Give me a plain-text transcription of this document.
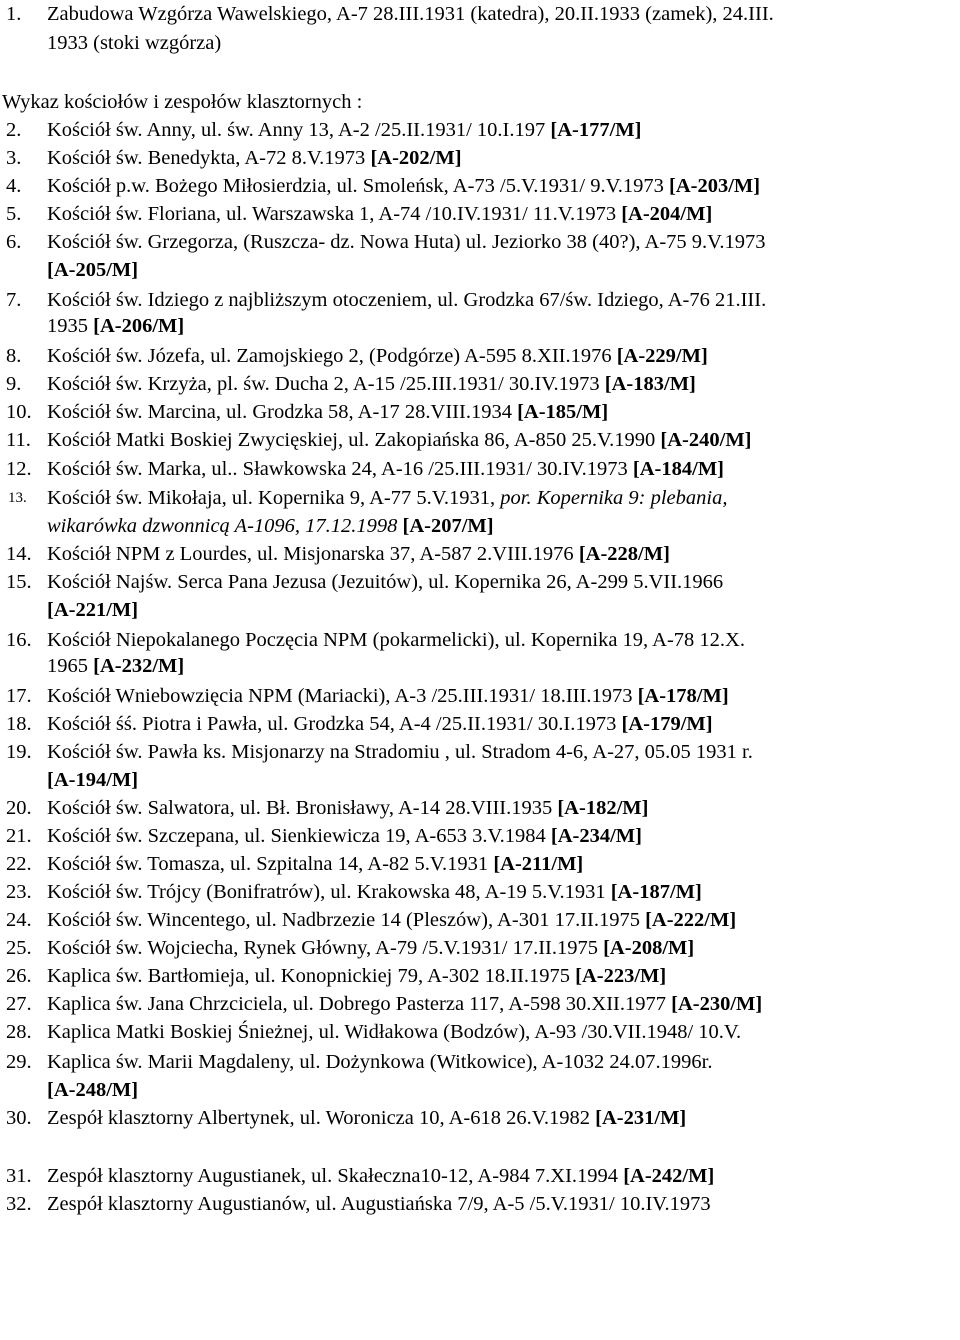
1. Zabudowa Wzgórza Wawelskiego, A-7 28.III.1931 (katedra), 20.II.1933 (zamek), 24.III.
1933 (stoki wzgórza)
Wykaz kościołów i zespołów klasztornych :
2. Kościół św. Anny, ul. św. Anny 13, A-2 /25.II.1931/ 10.I.197 [A-177/M]
3. Kościół św. Benedykta, A-72 8.V.1973 [A-202/M]
4. Kościół p.w. Bożego Miłosierdzia, ul. Smoleńsk, A-73 /5.V.1931/ 9.V.1973 [A-203/M]
5. Kościół św. Floriana, ul. Warszawska 1, A-74 /10.IV.1931/ 11.V.1973 [A-204/M]
6. Kościół św. Grzegorza, (Ruszcza- dz. Nowa Huta) ul. Jeziorko 38 (40?), A-75 9.V.1973
[A-205/M]
7. Kościół św. Idziego z najbliższym otoczeniem, ul. Grodzka 67/św. Idziego, A-76 21.III.
1935 [A-206/M]
8. Kościół św. Józefa, ul. Zamojskiego 2, (Podgórze) A-595 8.XII.1976 [A-229/M]
9. Kościół św. Krzyża, pl. św. Ducha 2, A-15 /25.III.1931/ 30.IV.1973 [A-183/M]
10. Kościół św. Marcina, ul. Grodzka 58, A-17 28.VIII.1934 [A-185/M]
11. Kościół Matki Boskiej Zwycięskiej, ul. Zakopiańska 86, A-850 25.V.1990 [A-240/M]
12. Kościół św. Marka, ul.. Sławkowska 24, A-16 /25.III.1931/ 30.IV.1973 [A-184/M]
13. Kościół św. Mikołaja, ul. Kopernika 9, A-77 5.V.1931, por. Kopernika 9: plebania,
wikarówka dzwonnicą A-1096, 17.12.1998 [A-207/M]
14. Kościół NPM z Lourdes, ul. Misjonarska 37, A-587 2.VIII.1976 [A-228/M]
15. Kościół Najśw. Serca Pana Jezusa (Jezuitów), ul. Kopernika 26, A-299 5.VII.1966
[A-221/M]
16. Kościół Niepokalanego Poczęcia NPM (pokarmelicki), ul. Kopernika 19, A-78 12.X.
1965 [A-232/M]
17. Kościół Wniebowzięcia NPM (Mariacki), A-3 /25.III.1931/ 18.III.1973 [A-178/M]
18. Kościół śś. Piotra i Pawła, ul. Grodzka 54, A-4 /25.II.1931/ 30.I.1973 [A-179/M]
19. Kościół św. Pawła ks. Misjonarzy na Stradomiu , ul. Stradom 4-6, A-27, 05.05 1931 r.
[A-194/M]
20. Kościół św. Salwatora, ul. Bł. Bronisławy, A-14 28.VIII.1935 [A-182/M]
21. Kościół św. Szczepana, ul. Sienkiewicza 19, A-653 3.V.1984 [A-234/M]
22. Kościół św. Tomasza, ul. Szpitalna 14, A-82 5.V.1931 [A-211/M]
23. Kościół św. Trójcy (Bonifratrów), ul. Krakowska 48, A-19 5.V.1931 [A-187/M]
24. Kościół św. Wincentego, ul. Nadbrzezie 14 (Pleszów), A-301 17.II.1975 [A-222/M]
25. Kościół św. Wojciecha, Rynek Główny, A-79 /5.V.1931/ 17.II.1975 [A-208/M]
26. Kaplica św. Bartłomieja, ul. Konopnickiej 79, A-302 18.II.1975 [A-223/M]
27. Kaplica św. Jana Chrzciciela, ul. Dobrego Pasterza 117, A-598 30.XII.1977 [A-230/M]
28. Kaplica Matki Boskiej Śnieżnej, ul. Widłakowa (Bodzów), A-93 /30.VII.1948/ 10.V.
29. Kaplica św. Marii Magdaleny, ul. Dożynkowa (Witkowice), A-1032 24.07.1996r.
[A-248/M]
30. Zespół klasztorny Albertynek, ul. Woronicza 10, A-618 26.V.1982 [A-231/M]
31. Zespół klasztorny Augustianek, ul. Skałeczna10-12, A-984 7.XI.1994 [A-242/M]
32. Zespół klasztorny Augustianów, ul. Augustiańska 7/9, A-5 /5.V.1931/ 10.IV.1973
